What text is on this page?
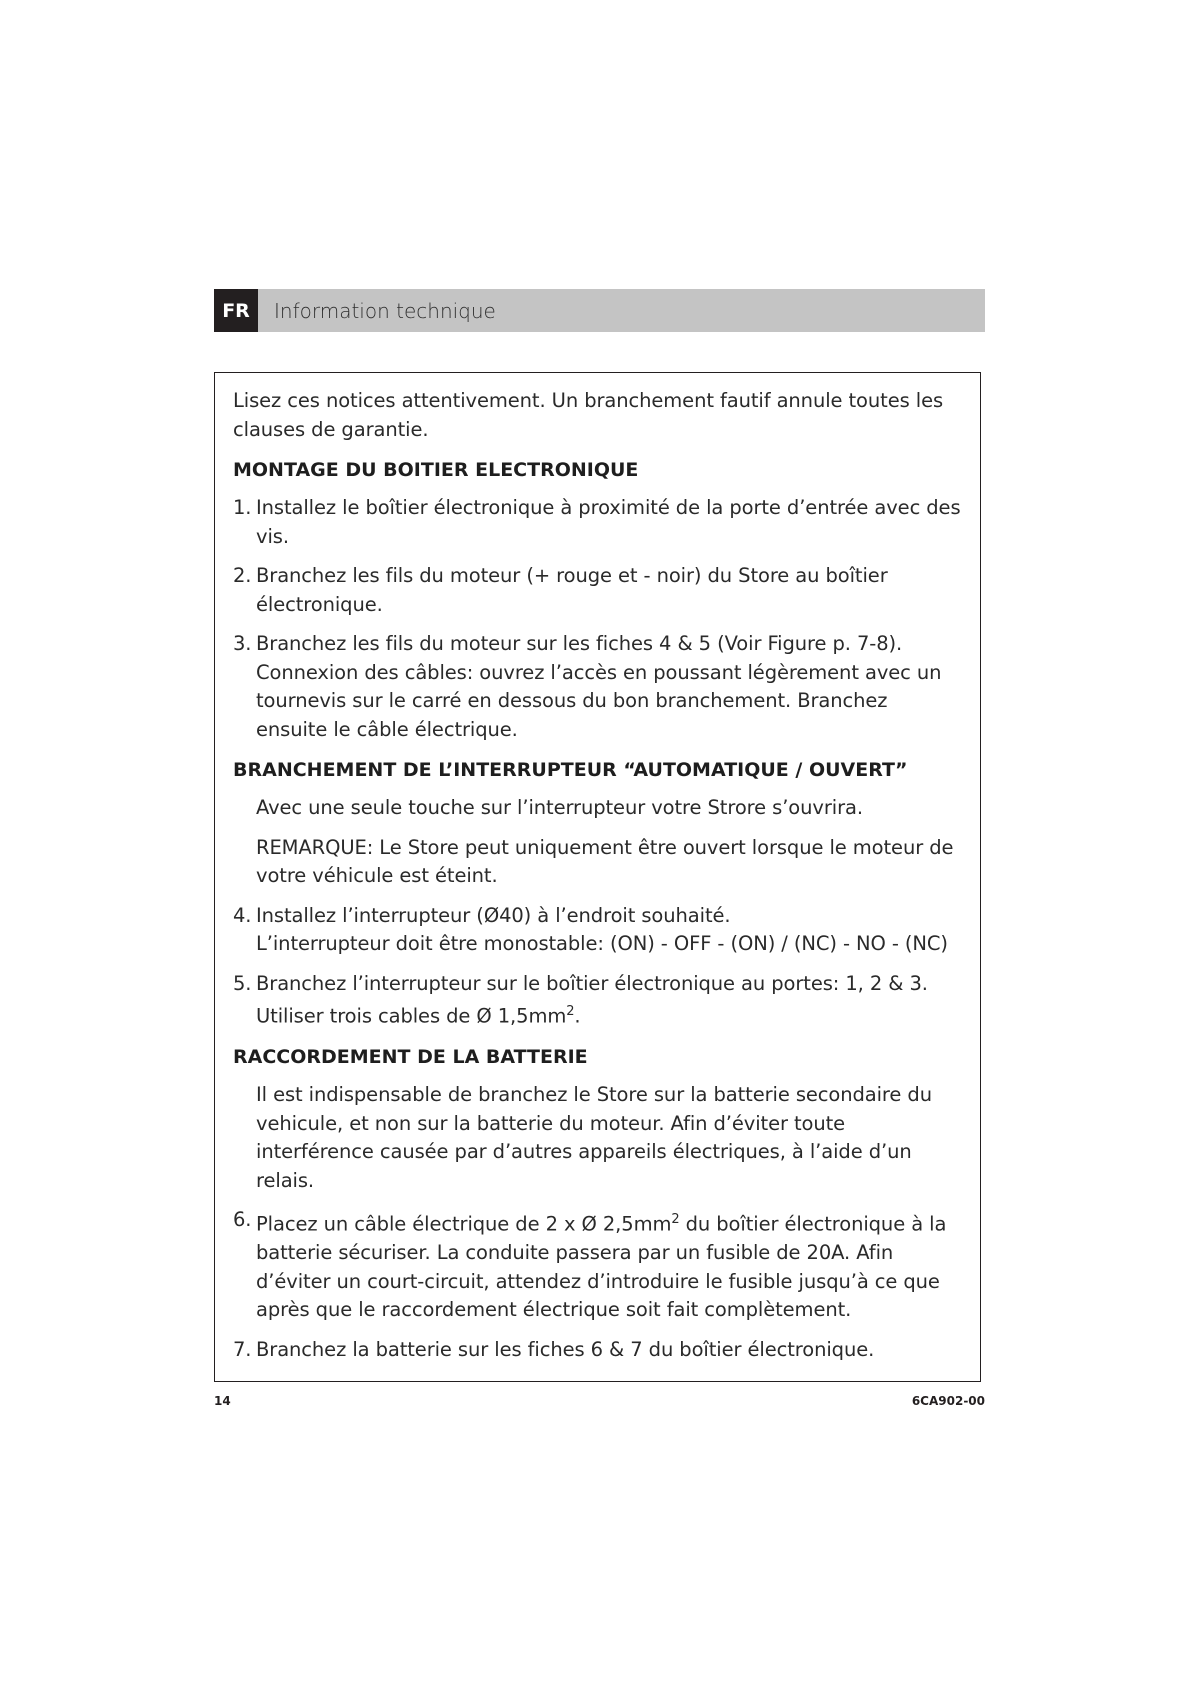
FR	Information technique

Lisez ces notices attentivement. Un branchement fautif annule toutes les clauses de garantie.

MONTAGE DU BOITIER ELECTRONIQUE
1. Installez le boîtier électronique à proximité de la porte d’entrée avec des vis.
2. Branchez les fils du moteur (+ rouge et - noir) du Store au boîtier électronique.
3. Branchez les fils du moteur sur les fiches 4 & 5 (Voir Figure p. 7-8). Connexion des câbles: ouvrez l’accès en poussant légèrement avec un tournevis sur le carré en dessous du bon branchement. Branchez ensuite le câble électrique.
BRANCHEMENT DE L’INTERRUPTEUR “AUTOMATIQUE / OUVERT”
Avec une seule touche sur l’interrupteur votre Strore s’ouvrira.
REMARQUE: Le Store peut uniquement être ouvert lorsque le moteur de votre véhicule est éteint.
4. Installez l’interrupteur (Ø40) à l’endroit souhaité.
L’interrupteur doit être monostable: (ON) - OFF - (ON) / (NC) - NO - (NC)
5. Branchez l’interrupteur sur le boîtier électronique au portes: 1, 2 & 3.
Utiliser trois cables de Ø $1,5mm^2$.
RACCORDEMENT DE LA BATTERIE
Il est indispensable de branchez le Store sur la batterie secondaire du vehicule, et non sur la batterie du moteur. Afin d’éviter toute interférence causée par d’autres appareils électriques, à l’aide d’un relais.
6. Placez un câble électrique de 2 x Ø $2,5mm^2$ du boîtier électronique à la batterie sécuriser. La conduite passera par un fusible de 20A. Afin d’éviter un court-circuit, attendez d’introduire le fusible jusqu’à ce que après que le raccordement électrique soit fait complètement.
7. Branchez la batterie sur les fiches 6 & 7 du boîtier électronique.
14	6CA902-00
